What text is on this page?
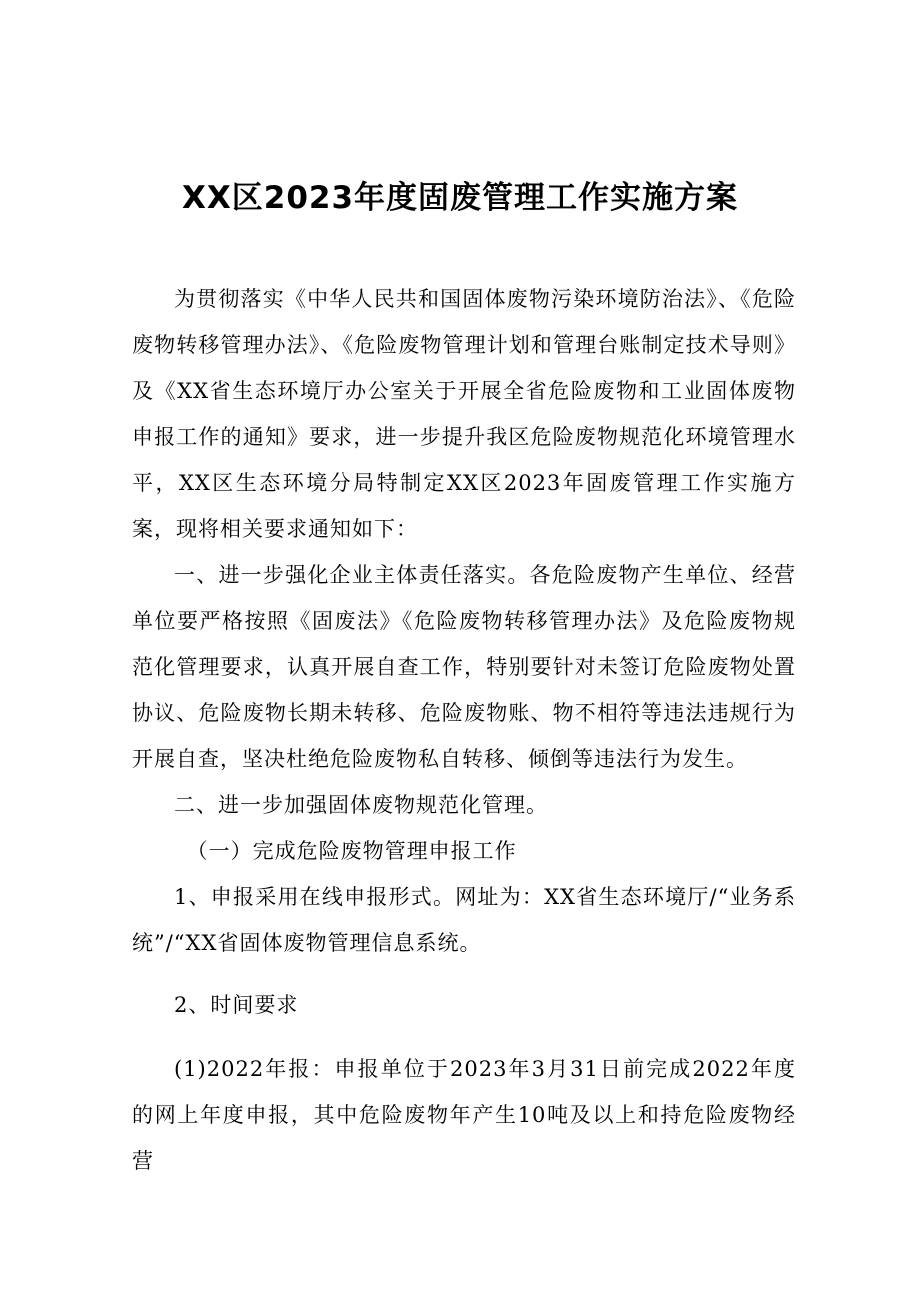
XX区2023年度固废管理工作实施方案

为贯彻落实《中华人民共和国固体废物污染环境防治法》、《危险废物转移管理办法》、《危险废物管理计划和管理台账制定技术导则》及《XX省生态环境厅办公室关于开展全省危险废物和工业固体废物申报工作的通知》要求，进一步提升我区危险废物规范化环境管理水平，XX区生态环境分局特制定XX区2023年固废管理工作实施方案，现将相关要求通知如下：

一、进一步强化企业主体责任落实。各危险废物产生单位、经营单位要严格按照《固废法》《危险废物转移管理办法》及危险废物规范化管理要求，认真开展自查工作，特别要针对未签订危险废物处置协议、危险废物长期未转移、危险废物账、物不相符等违法违规行为开展自查，坚决杜绝危险废物私自转移、倾倒等违法行为发生。

二、进一步加强固体废物规范化管理。

（一）完成危险废物管理申报工作

1、申报采用在线申报形式。网址为：XX省生态环境厅/“业务系统”/“XX省固体废物管理信息系统。

2、时间要求

(1)2022年报：申报单位于2023年3月31日前完成2022年度的网上年度申报，其中危险废物年产生10吨及以上和持危险废物经营
